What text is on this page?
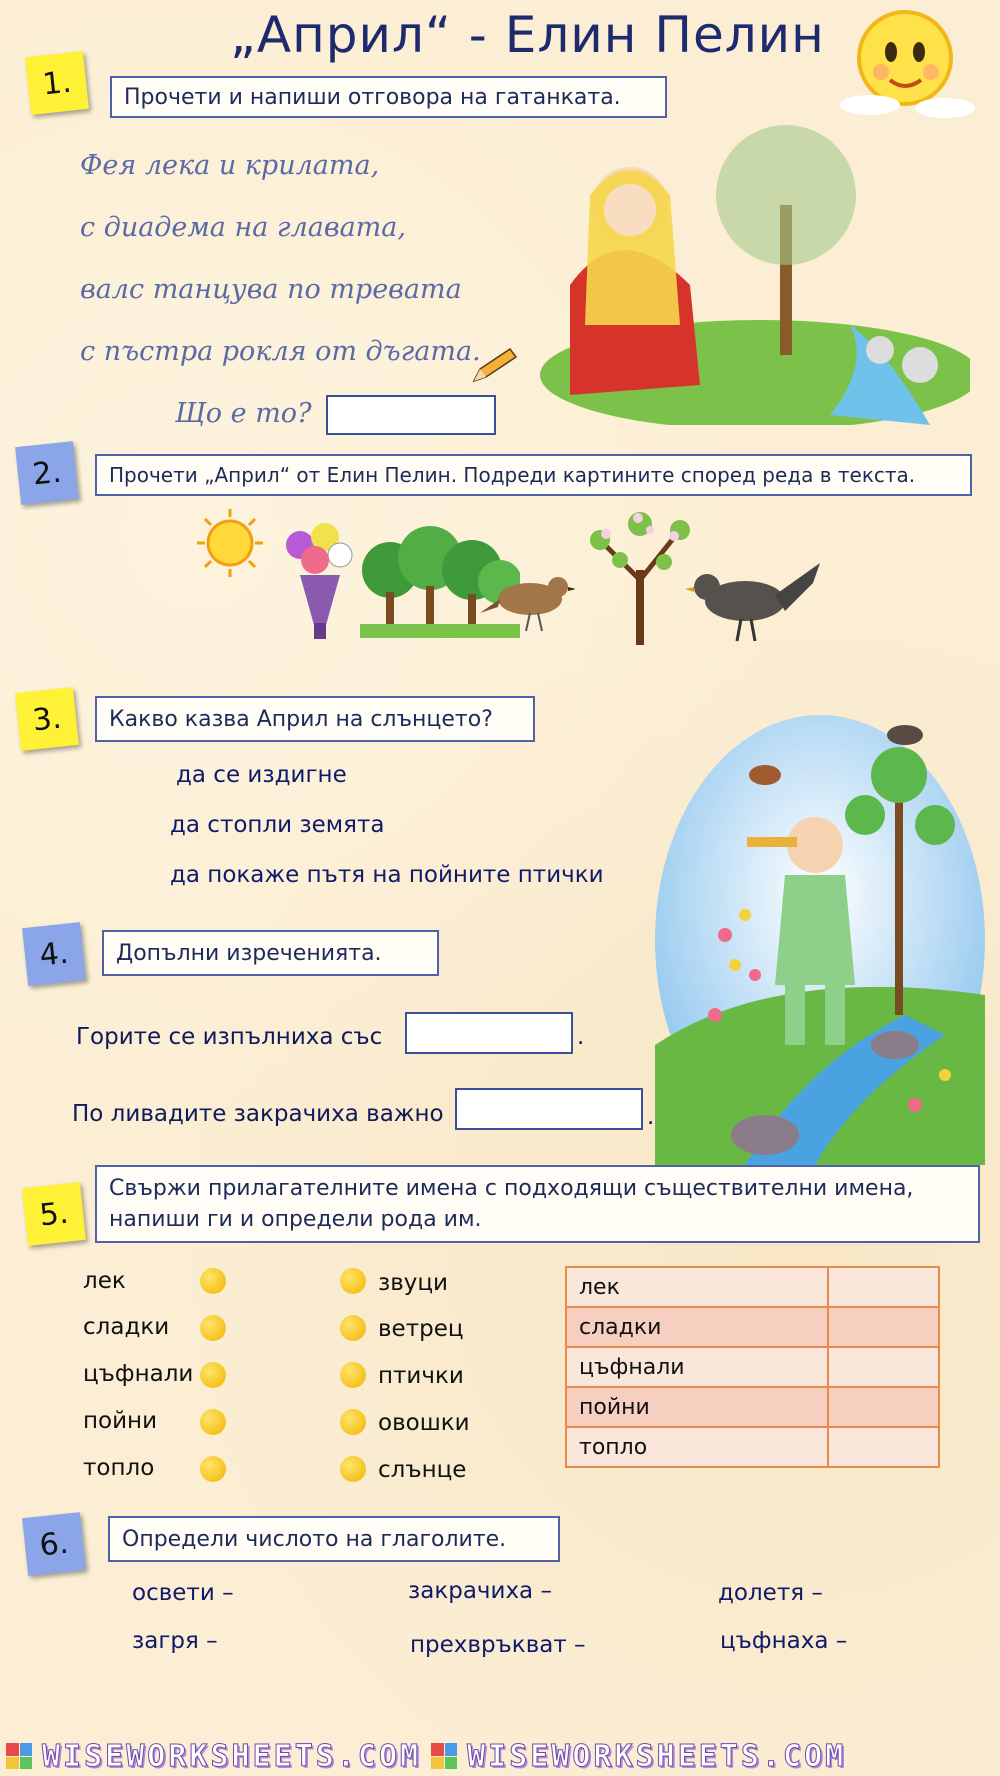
„Април“ - Елин Пелин
1.	Прочети и напиши отговора на гатанката.
Фея лека и крилата,
с диадема на главата,
валс танцува по тревата
с пъстра рокля от дъгата.
Що е то?
2.	Прочети „Април“ от Елин Пелин. Подреди картините според реда в текста.
3.	Какво казва Април на слънцето?
да се издигне
да стопли земята
да покаже пътя на пойните птички
4.	Допълни изреченията.
Горите се изпълниха със	.
По ливадите закрачиха важно	.
5.
Свържи прилагателните имена с подходящи съществителни имена,
напиши ги и определи рода им.
лек
сладки
цъфнали
пойни
топло
звуци
ветрец
птички
овошки
слънце
лек	
сладки	
цъфнали	
пойни	
топло	
6.	Определи числото на глаголите.
освети –
загря –
закрачиха –
прехвръкват –
долетя –
цъфнаха –
WISEWORKSHEETS.COM WISEWORKSHEETS.COM
